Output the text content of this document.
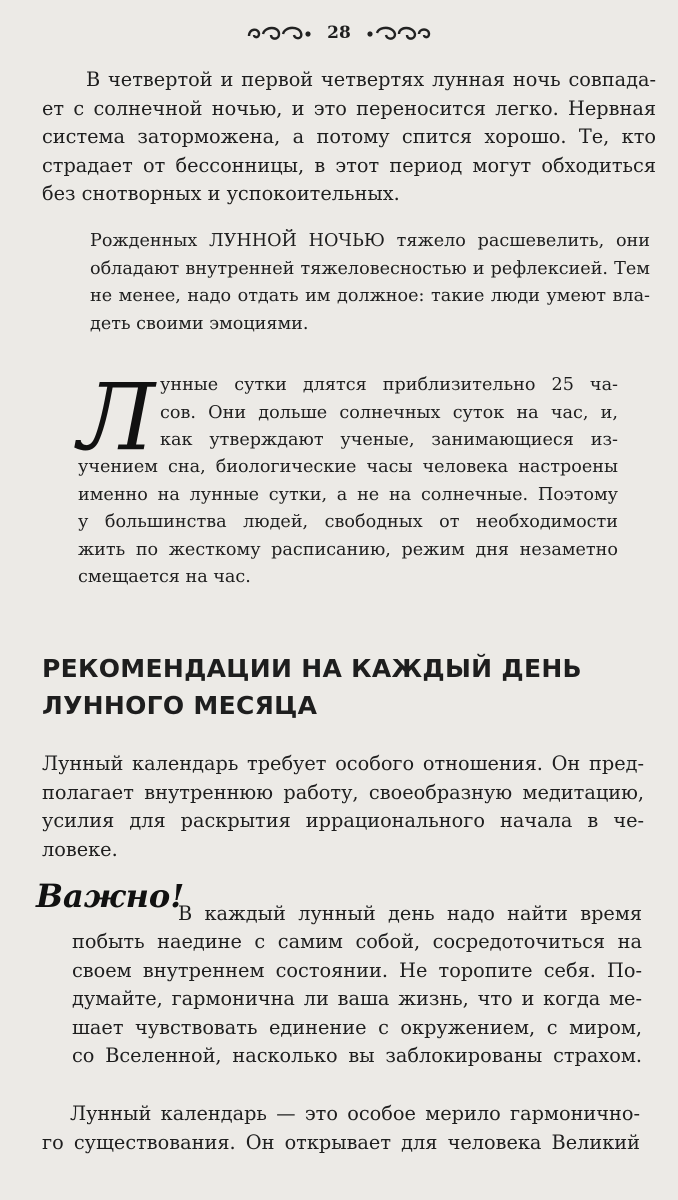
28
В четвертой и первой четвертях лунная ночь совпада-
ет с солнечной ночью, и это переносится легко. Нервная
система заторможена, а потому спится хорошо. Те, кто
страдает от бессонницы, в этот период могут обходиться
без снотворных и успокоительных.
Рожденных ЛУННОЙ НОЧЬЮ тяжело расшевелить, они
обладают внутренней тяжеловесностью и рефлексией. Тем
не менее, надо отдать им должное: такие люди умеют вла-
деть своими эмоциями.
Л унные сутки длятся приблизительно 25 ча-
сов. Они дольше солнечных суток на час, и,
как утверждают ученые, занимающиеся из-
учением сна, биологические часы человека настроены
именно на лунные сутки, а не на солнечные. Поэтому
у большинства людей, свободных от необходимости
жить по жесткому расписанию, режим дня незаметно
смещается на час.
РЕКОМЕНДАЦИИ НА КАЖДЫЙ ДЕНЬ
ЛУННОГО МЕСЯЦА
Лунный календарь требует особого отношения. Он пред-
полагает внутреннюю работу, своеобразную медитацию,
усилия для раскрытия иррационального начала в че-
ловеке.
Важно!
В каждый лунный день надо найти время
побыть наедине с самим собой, сосредоточиться на
своем внутреннем состоянии. Не торопите себя. По-
думайте, гармонична ли ваша жизнь, что и когда ме-
шает чувствовать единение с окружением, с миром,
со Вселенной, насколько вы заблокированы страхом.
Лунный календарь — это особое мерило гармонично-
го существования. Он открывает для человека Великий
